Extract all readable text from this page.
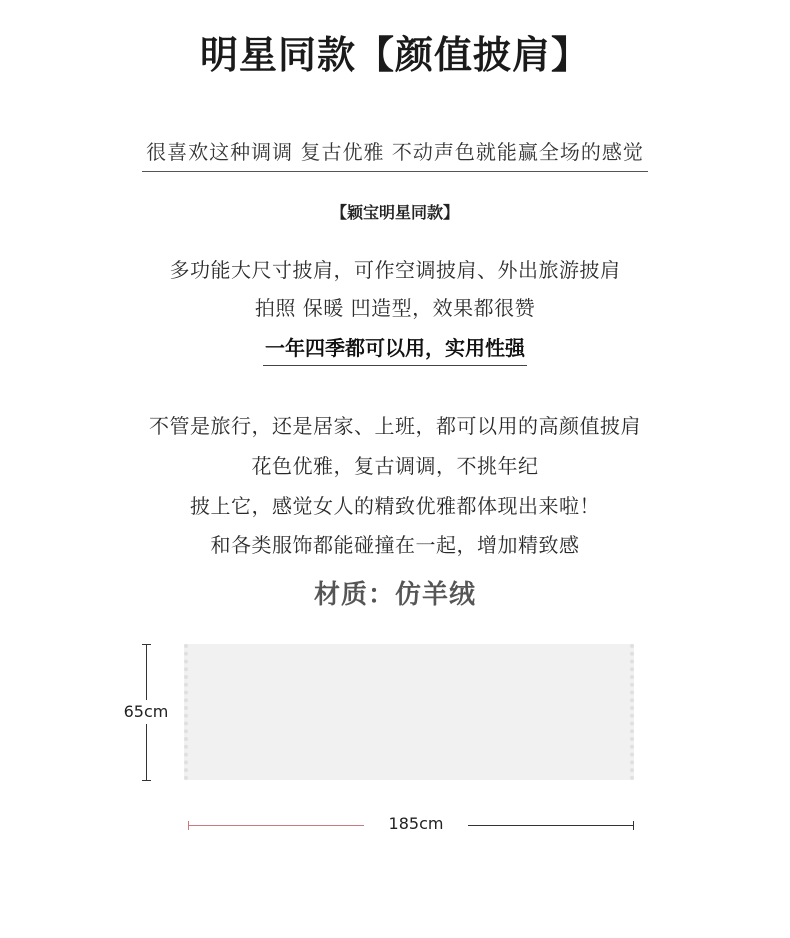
明星同款【颜值披肩】
很喜欢这种调调 复古优雅 不动声色就能赢全场的感觉
【颖宝明星同款】
多功能大尺寸披肩，可作空调披肩、外出旅游披肩
拍照 保暖 凹造型，效果都很赞
一年四季都可以用，实用性强
不管是旅行，还是居家、上班，都可以用的高颜值披肩
花色优雅，复古调调，不挑年纪
披上它，感觉女人的精致优雅都体现出来啦！
和各类服饰都能碰撞在一起，增加精致感
材质：仿羊绒
65cm
185cm
